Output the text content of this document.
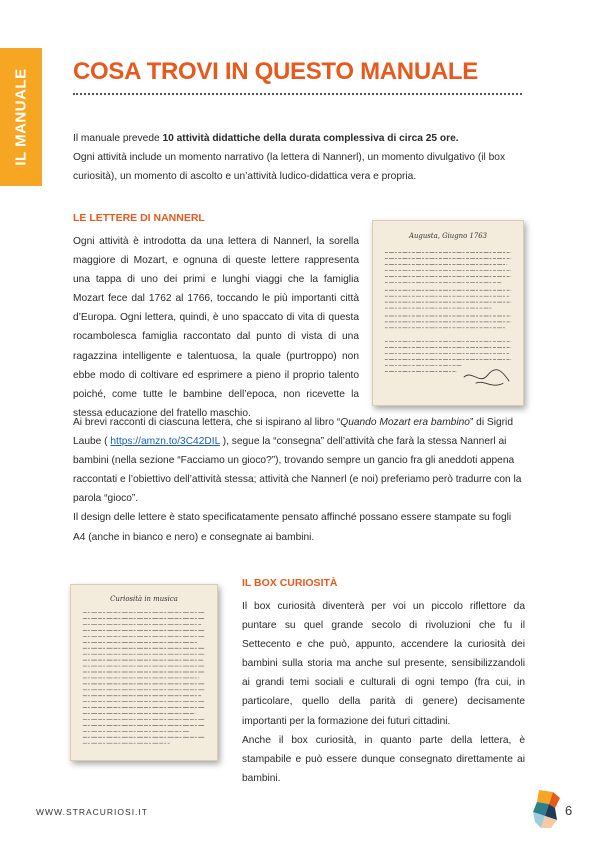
IL MANUALE COSA TROVI IN QUESTO MANUALE
Il manuale prevede 10 attività didattiche della durata complessiva di circa 25 ore.
Ogni attività include un momento narrativo (la lettera di Nannerl), un momento divulgativo (il box curiosità), un momento di ascolto e un’attività ludico-didattica vera e propria.
LE LETTERE DI NANNERL
Ogni attività è introdotta da una lettera di Nannerl, la sorella maggiore di Mozart, e ognuna di queste lettere rappresenta una tappa di uno dei primi e lunghi viaggi che la famiglia Mozart fece dal 1762 al 1766, toccando le più importanti città d’Europa. Ogni lettera, quindi, è uno spaccato di vita di questa rocambolesca famiglia raccontato dal punto di vista di una ragazzina intelligente e talentuosa, la quale (purtroppo) non ebbe modo di coltivare ed esprimere a pieno il proprio talento poiché, come tutte le bambine dell’epoca, non ricevette la stessa educazione del fratello maschio.
Augusta, Giugno 1763
Ai brevi racconti di ciascuna lettera, che si ispirano al libro “Quando Mozart era bambino” di Sigrid Laube ( https://amzn.to/3C42DIL ), segue la “consegna” dell’attività che farà la stessa Nannerl ai bambini (nella sezione “Facciamo un gioco?”), trovando sempre un gancio fra gli aneddoti appena raccontati e l’obiettivo dell’attività stessa; attività che Nannerl (e noi) preferiamo però tradurre con la parola “gioco”.
Il design delle lettere è stato specificatamente pensato affinché possano essere stampate su fogli A4 (anche in bianco e nero) e consegnate ai bambini.
Curiosità in musica
IL BOX CURIOSITÀ
Il box curiosità diventerà per voi un piccolo riflettore da puntare su quel grande secolo di rivoluzioni che fu il Settecento e che può, appunto, accendere la curiosità dei bambini sulla storia ma anche sul presente, sensibilizzandoli ai grandi temi sociali e culturali di ogni tempo (fra cui, in particolare, quello della parità di genere) decisamente importanti per la formazione dei futuri cittadini.
Anche il box curiosità, in quanto parte della lettera, è stampabile e può essere dunque consegnato direttamente ai bambini.
WWW.STRACURIOSI.IT	6
